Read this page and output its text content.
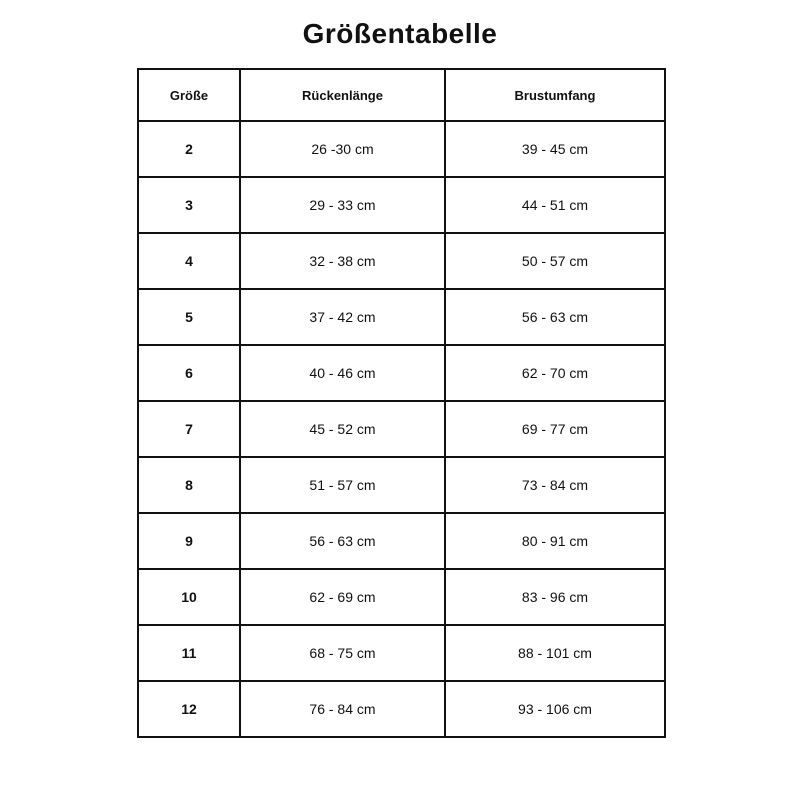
Größentabelle
Größe	Rückenlänge	Brustumfang
2	26 -30 cm	39 - 45 cm
3	29 - 33 cm	44 - 51 cm
4	32 - 38 cm	50 - 57 cm
5	37 - 42 cm	56 - 63 cm
6	40 - 46 cm	62 - 70 cm
7	45 - 52 cm	69 - 77 cm
8	51 - 57 cm	73 - 84 cm
9	56 - 63 cm	80 - 91 cm
10	62 - 69 cm	83 - 96 cm
11	68 - 75 cm	88 - 101 cm
12	76 - 84 cm	93 - 106 cm
